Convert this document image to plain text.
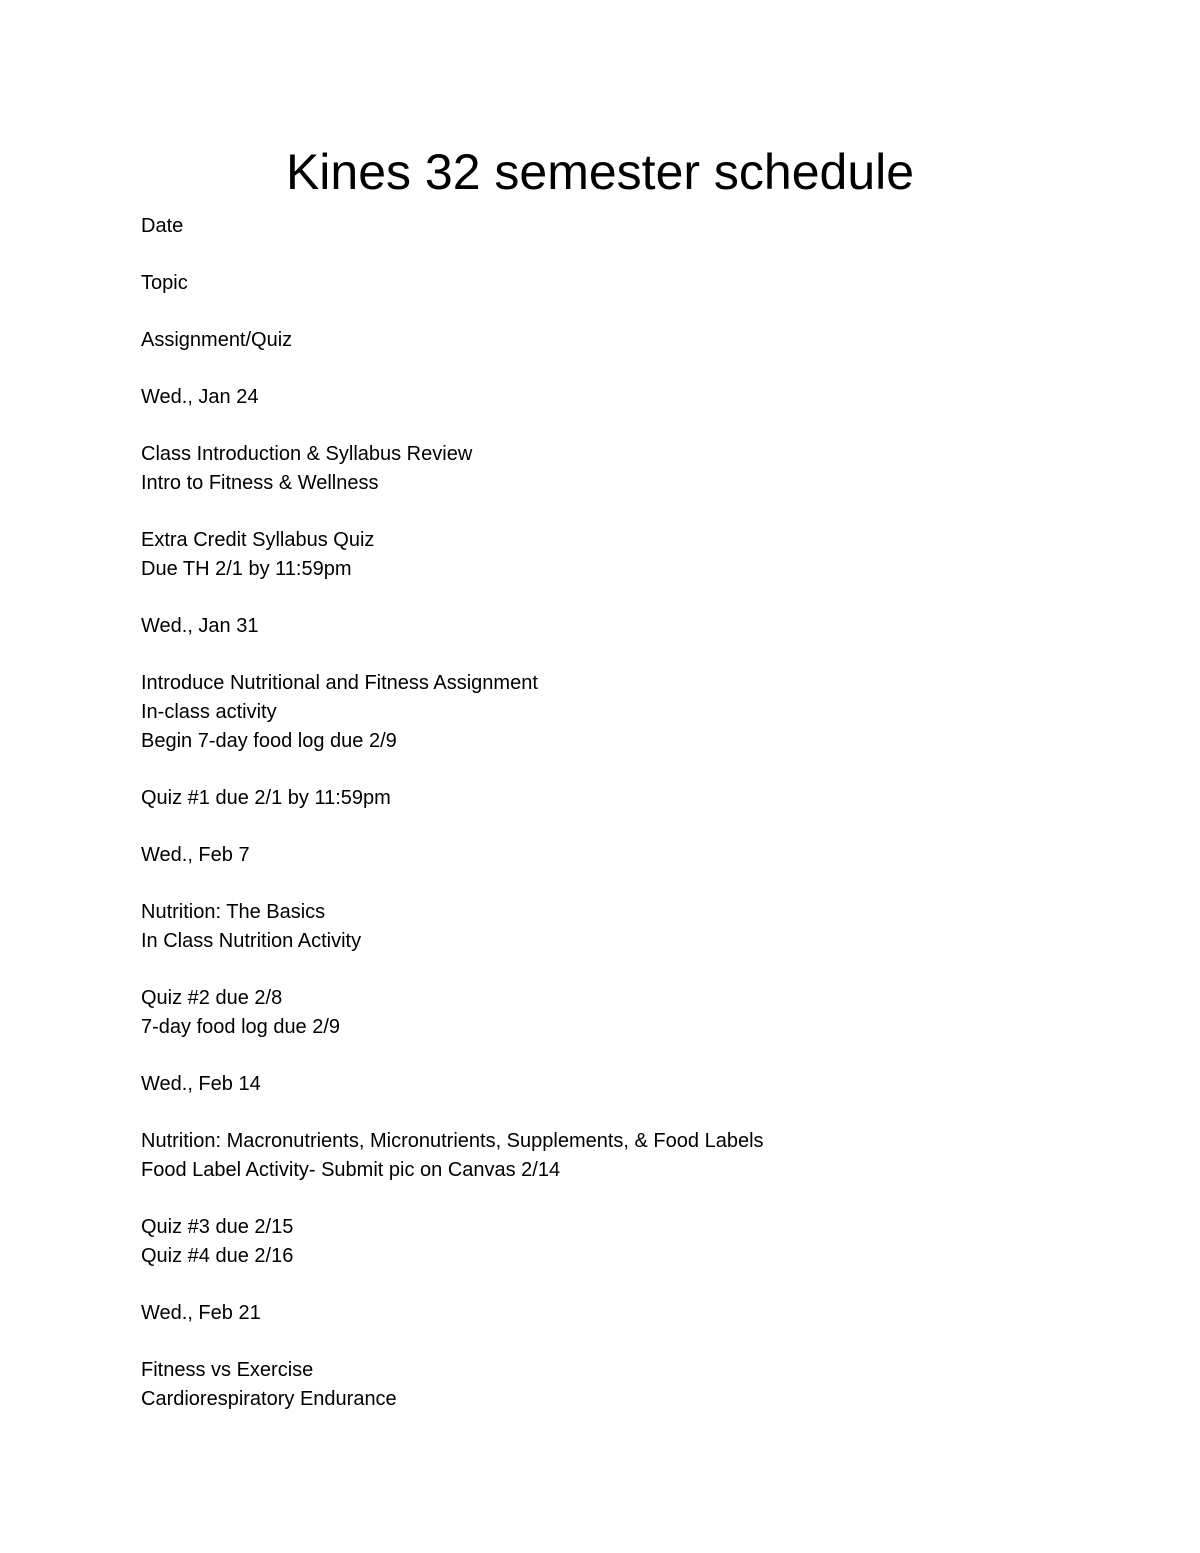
Kines 32 semester schedule

Date

Topic

Assignment/Quiz

Wed., Jan 24

Class Introduction & Syllabus Review
Intro to Fitness & Wellness

Extra Credit Syllabus Quiz
Due TH 2/1 by 11:59pm

Wed., Jan 31

Introduce Nutritional and Fitness Assignment
In-class activity
Begin 7-day food log due 2/9

Quiz #1 due 2/1 by 11:59pm

Wed., Feb 7

Nutrition: The Basics
In Class Nutrition Activity

Quiz #2 due 2/8
7-day food log due 2/9

Wed., Feb 14

Nutrition: Macronutrients, Micronutrients, Supplements, & Food Labels
Food Label Activity- Submit pic on Canvas 2/14

Quiz #3 due 2/15
Quiz #4 due 2/16

Wed., Feb 21

Fitness vs Exercise
Cardiorespiratory Endurance
